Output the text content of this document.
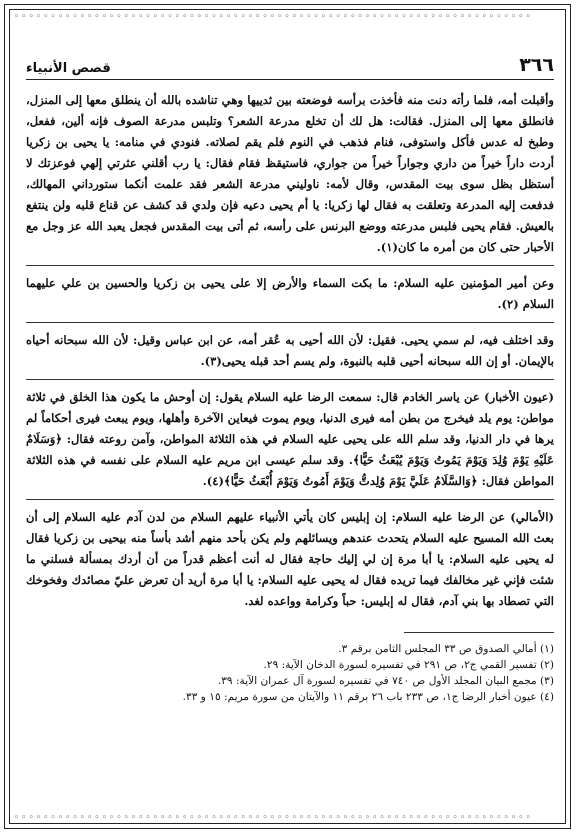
◦◦◦◦◦◦◦◦◦◦◦◦◦◦◦◦◦◦◦◦◦◦◦◦◦◦◦◦◦◦◦◦◦◦◦◦◦◦◦◦◦◦◦◦◦◦◦◦◦◦◦◦◦◦◦◦◦◦◦◦◦◦◦◦◦◦◦◦◦◦◦
◦◦◦◦◦◦◦◦◦◦◦◦◦◦◦◦◦◦◦◦◦◦◦◦◦◦◦◦◦◦◦◦◦◦◦◦◦◦◦◦◦◦◦◦◦◦◦◦◦◦◦◦◦◦◦◦◦◦◦◦◦◦◦◦◦◦◦◦◦◦◦
٣٦٦
قصص الأنبياء

وأقبلت أمه، فلما رأته دنت منه فأخذت برأسه فوضعته بين ثدييها وهي تناشده بالله أن ينطلق معها إلى المنزل، فانطلق معها إلى المنزل. فقالت: هل لك أن تخلع مدرعة الشعر؟ وتلبس مدرعة الصوف فإنه ألين، ففعل، وطبخ له عدس فأكل واستوفى، فنام فذهب في النوم فلم يقم لصلاته. فنودي في منامه: يا يحيى بن زكريا أردت داراً خيراً من داري وجواراً خيراً من جواري، فاستيقظ فقام فقال: يا رب أقلني عثرتي إلهي فوعزتك لا أستظل بظل سوى بيت المقدس، وقال لأمه: ناوليني مدرعة الشعر فقد علمت أنكما ستورداني المهالك، فدفعت إليه المدرعة وتعلقت به فقال لها زكريا: يا أم يحيى دعيه فإن ولدي قد كشف عن قناع قلبه ولن ينتفع بالعيش. فقام يحيى فلبس مدرعته ووضع البرنس على رأسه، ثم أتى بيت المقدس فجعل يعبد الله عز وجل مع الأحبار حتى كان من أمره ما كان(١).

وعن أمير المؤمنين عليه السلام: ما بكت السماء والأرض إلا على يحيى بن زكريا والحسين بن علي عليهما السلام (٢).

وقد اختلف فيه، لم سمي يحيى. فقيل: لأن الله أحيى به عُقر أمه، عن ابن عباس وقيل: لأن الله سبحانه أحياه بالإيمان. أو إن الله سبحانه أحيى قلبه بالنبوة، ولم يسم أحد قبله يحيى(٣).

(عيون الأخبار) عن ياسر الخادم قال: سمعت الرضا عليه السلام يقول: إن أوحش ما يكون هذا الخلق في ثلاثة مواطن: يوم يلد فيخرج من بطن أمه فيرى الدنيا، ويوم يموت فيعاين الآخرة وأهلها، ويوم يبعث فيرى أحكاماً لم يرها في دار الدنيا، وقد سلم الله على يحيى عليه السلام في هذه الثلاثة المواطن، وآمن روعته فقال: ﴿وَسَلَامٌ عَلَيْهِ يَوْمَ وُلِدَ وَيَوْمَ يَمُوتُ وَيَوْمَ يُبْعَثُ حَيًّا﴾. وقد سلم عيسى ابن مريم عليه السلام على نفسه في هذه الثلاثة المواطن فقال: ﴿وَالسَّلَامُ عَلَيَّ يَوْمَ وُلِدتُّ وَيَوْمَ أَمُوتُ وَيَوْمَ أُبْعَثُ حَيًّا﴾(٤).

(الأمالي) عن الرضا عليه السلام: إن إبليس كان يأتي الأنبياء عليهم السلام من لدن آدم عليه السلام إلى أن بعث الله المسيح عليه السلام يتحدث عندهم ويسائلهم ولم يكن بأحد منهم أشد بأساً منه بيحيى بن زكريا فقال له يحيى عليه السلام: يا أبا مرة إن لي إليك حاجة فقال له أنت أعظم قدراً من أن أردك بمسألة فسلني ما شئت فإني غير مخالفك فيما تريده فقال له يحيى عليه السلام: يا أبا مرة أريد أن تعرض عليّ مصائدك وفخوخك التي تصطاد بها بني آدم، فقال له إبليس: حباً وكرامة وواعده لغد.

(١) أمالي الصدوق ص ٣٣ المجلس الثامن برقم ٣.
(٢) تفسير القمي ج٢، ص ٢٩١ في تفسيره لسورة الدخان الآية: ٢٩.
(٣) مجمع البيان المجلد الأول ص ٧٤٠ في تفسيره لسورة آل عمران الآية: ٣٩.
(٤) عيون أخبار الرضا ج١، ص ٢٣٣ باب ٢٦ برقم ١١ والآيتان من سورة مريم: ١٥ و ٣٣.
